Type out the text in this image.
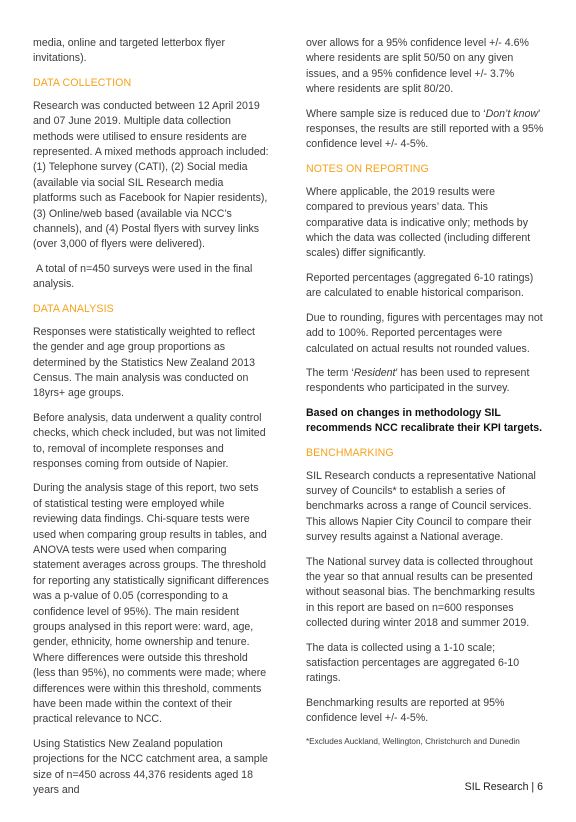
media, online and targeted letterbox flyer invitations).

DATA COLLECTION

Research was conducted between 12 April 2019 and 07 June 2019. Multiple data collection methods were utilised to ensure residents are represented. A mixed methods approach included: (1) Telephone survey (CATI), (2) Social media (available via social SIL Research media platforms such as Facebook for Napier residents), (3) Online/web based (available via NCC’s channels), and (4) Postal flyers with survey links (over 3,000 of flyers were delivered).

A total of n=450 surveys were used in the final analysis.

DATA ANALYSIS

Responses were statistically weighted to reflect the gender and age group proportions as determined by the Statistics New Zealand 2013 Census. The main analysis was conducted on 18yrs+ age groups.

Before analysis, data underwent a quality control checks, which check included, but was not limited to, removal of incomplete responses and responses coming from outside of Napier.

During the analysis stage of this report, two sets of statistical testing were employed while reviewing data findings. Chi-square tests were used when comparing group results in tables, and ANOVA tests were used when comparing statement averages across groups. The threshold for reporting any statistically significant differences was a p-value of 0.05 (corresponding to a confidence level of 95%). The main resident groups analysed in this report were: ward, age, gender, ethnicity, home ownership and tenure. Where differences were outside this threshold (less than 95%), no comments were made; where differences were within this threshold, comments have been made within the context of their practical relevance to NCC.

Using Statistics New Zealand population projections for the NCC catchment area, a sample size of n=450 across 44,376 residents aged 18 years and

over allows for a 95% confidence level +/- 4.6% where residents are split 50/50 on any given issues, and a 95% confidence level +/- 3.7% where residents are split 80/20.

Where sample size is reduced due to ‘Don’t know’ responses, the results are still reported with a 95% confidence level +/- 4-5%.

NOTES ON REPORTING

Where applicable, the 2019 results were compared to previous years’ data. This comparative data is indicative only; methods by which the data was collected (including different scales) differ significantly.

Reported percentages (aggregated 6-10 ratings) are calculated to enable historical comparison.

Due to rounding, figures with percentages may not add to 100%. Reported percentages were calculated on actual results not rounded values.

The term ‘Resident’ has been used to represent respondents who participated in the survey.

Based on changes in methodology SIL recommends NCC recalibrate their KPI targets.

BENCHMARKING

SIL Research conducts a representative National survey of Councils* to establish a series of benchmarks across a range of Council services. This allows Napier City Council to compare their survey results against a National average.

The National survey data is collected throughout the year so that annual results can be presented without seasonal bias. The benchmarking results in this report are based on n=600 responses collected during winter 2018 and summer 2019.

The data is collected using a 1-10 scale; satisfaction percentages are aggregated 6-10 ratings.

Benchmarking results are reported at 95% confidence level +/- 4-5%.

*Excludes Auckland, Wellington, Christchurch and Dunedin

SIL Research | 6
